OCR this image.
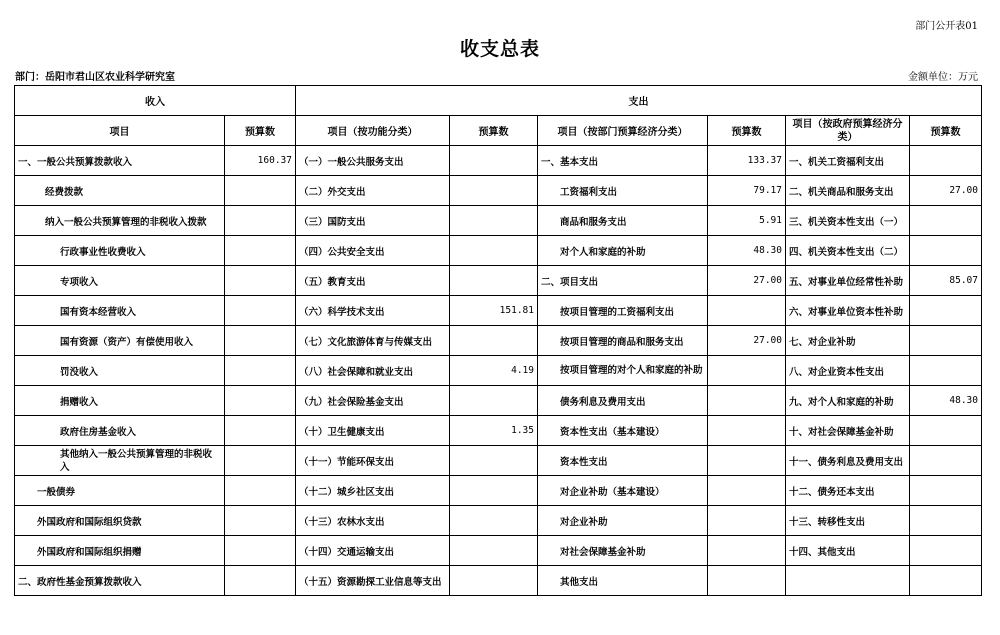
部门公开表01
收支总表
部门：岳阳市君山区农业科学研究室	金额单位：万元
收入		支出					
项目	预算数	项目（按功能分类）	预算数	项目（按部门预算经济分类）	预算数	项目（按政府预算经济分类）	预算数
一、一般公共预算拨款收入	160.37	（一）一般公共服务支出		一、基本支出	133.37	一、机关工资福利支出	
经费拨款		（二）外交支出		工资福利支出	79.17	二、机关商品和服务支出	27.00
纳入一般公共预算管理的非税收入拨款		（三）国防支出		商品和服务支出	5.91	三、机关资本性支出（一）	
行政事业性收费收入		（四）公共安全支出		对个人和家庭的补助	48.30	四、机关资本性支出（二）	
专项收入		（五）教育支出		二、项目支出	27.00	五、对事业单位经常性补助	85.07
国有资本经营收入		（六）科学技术支出	151.81	按项目管理的工资福利支出		六、对事业单位资本性补助	
国有资源（资产）有偿使用收入		（七）文化旅游体育与传媒支出		按项目管理的商品和服务支出	27.00	七、对企业补助	
罚没收入		（八）社会保障和就业支出	4.19	按项目管理的对个人和家庭的补助		八、对企业资本性支出	
捐赠收入		（九）社会保险基金支出		债务利息及费用支出		九、对个人和家庭的补助	48.30
政府住房基金收入		（十）卫生健康支出	1.35	资本性支出（基本建设）		十、对社会保障基金补助	
其他纳入一般公共预算管理的非税收入		（十一）节能环保支出		资本性支出		十一、债务利息及费用支出	
一般债券		（十二）城乡社区支出		对企业补助（基本建设）		十二、债务还本支出	
外国政府和国际组织贷款		（十三）农林水支出		对企业补助		十三、转移性支出	
外国政府和国际组织捐赠		（十四）交通运输支出		对社会保障基金补助		十四、其他支出	
二、政府性基金预算拨款收入		（十五）资源勘探工业信息等支出		其他支出			
